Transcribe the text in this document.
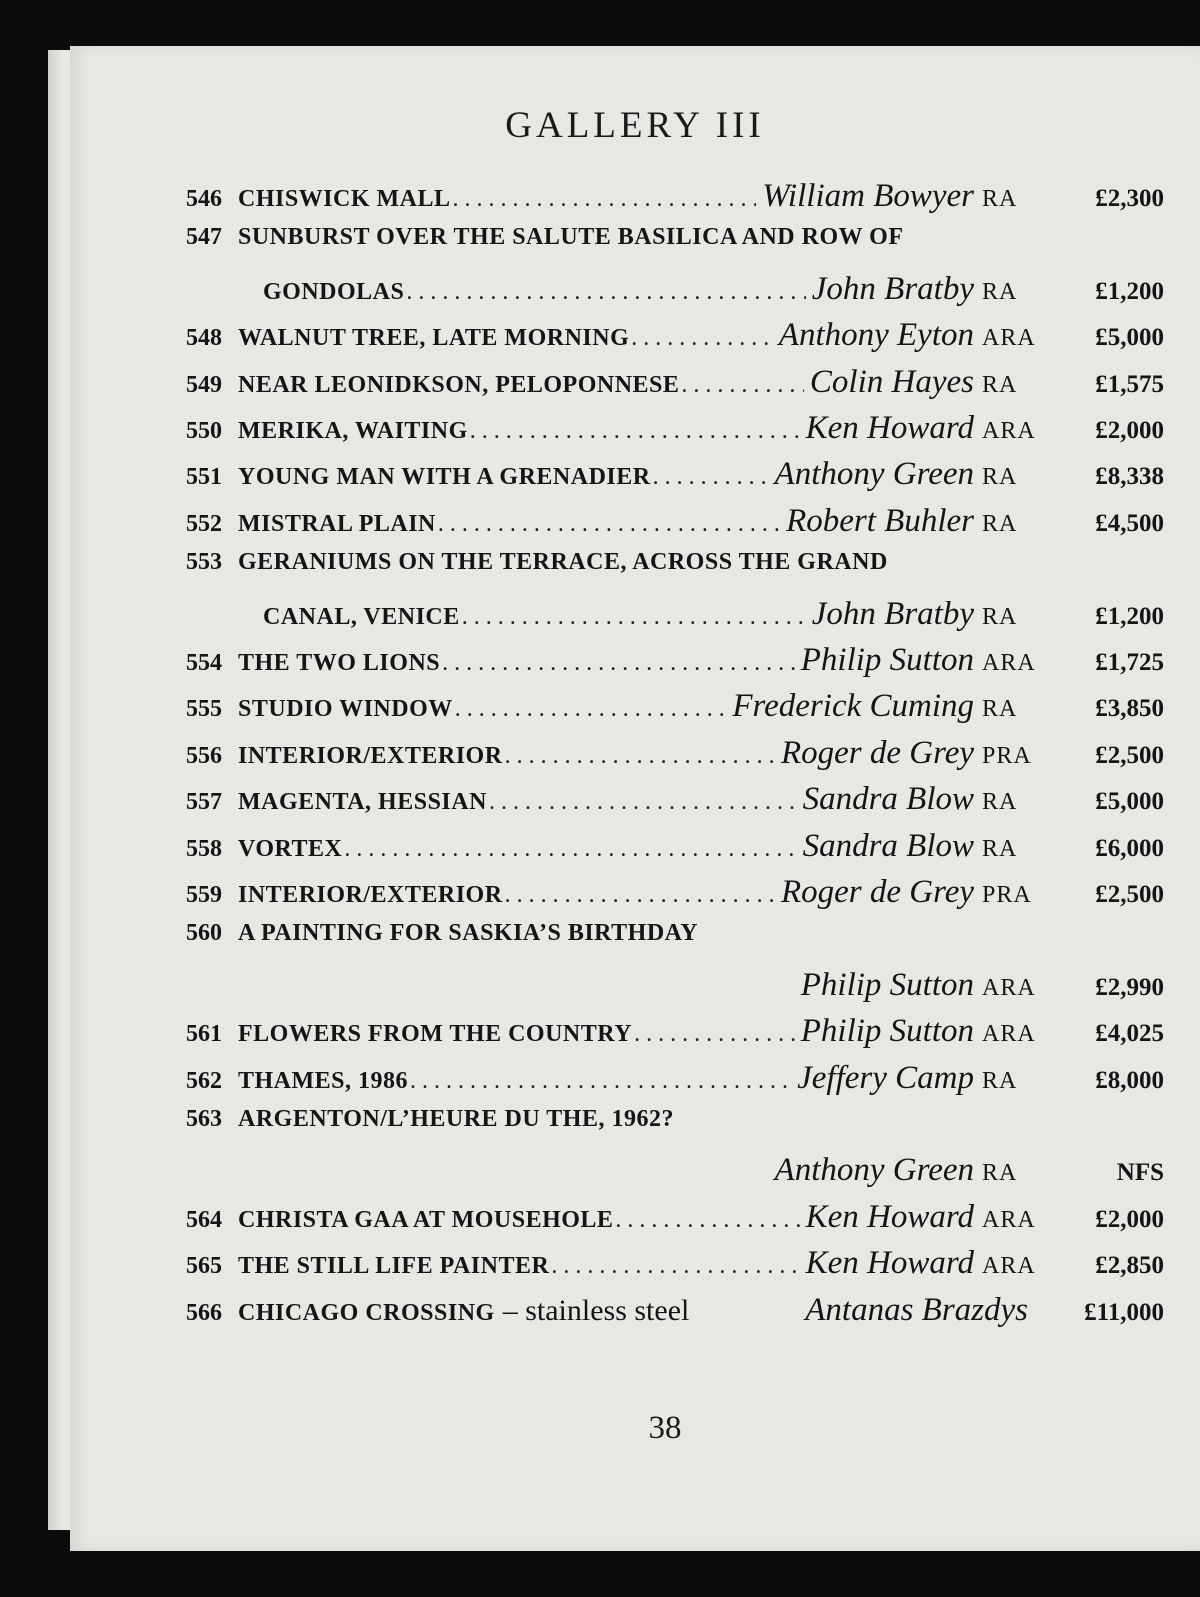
GALLERY III
546 CHISWICK MALL . . .	William Bowyer RA	£2,300
547 SUNBURST OVER THE SALUTE BASILICA AND ROW OF
GONDOLAS . . .	John Bratby RA	£1,200
548 WALNUT TREE, LATE MORNING . . .	Anthony Eyton ARA	£5,000
549 NEAR LEONIDKSON, PELOPONNESE . . .	Colin Hayes RA	£1,575
550 MERIKA, WAITING . . .	Ken Howard ARA	£2,000
551 YOUNG MAN WITH A GRENADIER . . .	Anthony Green RA	£8,338
552 MISTRAL PLAIN . . .	Robert Buhler RA	£4,500
553 GERANIUMS ON THE TERRACE, ACROSS THE GRAND
CANAL, VENICE . . .	John Bratby RA	£1,200
554 THE TWO LIONS . . .	Philip Sutton ARA	£1,725
555 STUDIO WINDOW . . .	Frederick Cuming RA	£3,850
556 INTERIOR/EXTERIOR . . .	Roger de Grey PRA	£2,500
557 MAGENTA, HESSIAN . . .	Sandra Blow RA	£5,000
558 VORTEX . . .	Sandra Blow RA	£6,000
559 INTERIOR/EXTERIOR . . .	Roger de Grey PRA	£2,500
560 A PAINTING FOR SASKIA’S BIRTHDAY
Philip Sutton ARA	£2,990
561 FLOWERS FROM THE COUNTRY . . .	Philip Sutton ARA	£4,025
562 THAMES, 1986 . . .	Jeffery Camp RA	£8,000
563 ARGENTON/L’HEURE DU THE, 1962?
Anthony Green RA	NFS
564 CHRISTA GAA AT MOUSEHOLE . . .	Ken Howard ARA	£2,000
565 THE STILL LIFE PAINTER . . .	Ken Howard ARA	£2,850
566 CHICAGO CROSSING – stainless steel	Antanas Brazdys	£11,000
38
